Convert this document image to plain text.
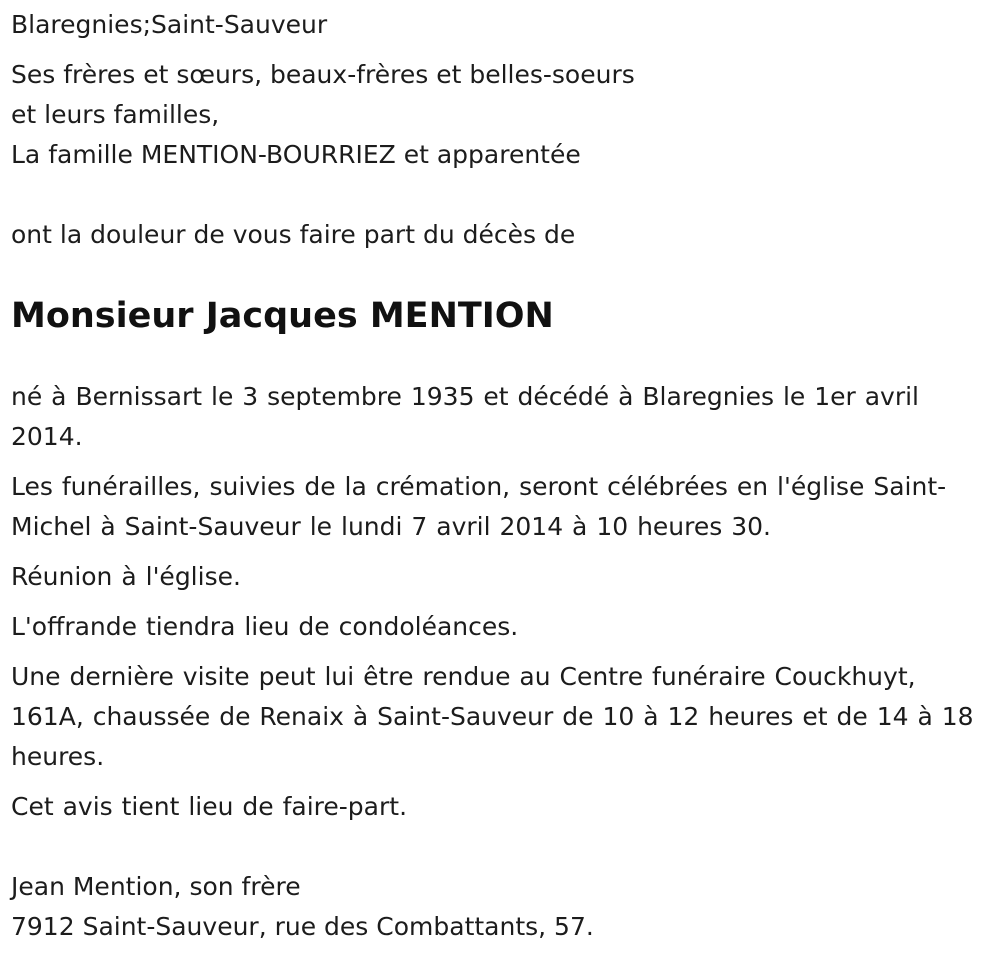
Blaregnies;Saint-Sauveur

Ses frères et sœurs, beaux-frères et belles-soeurs

et leurs familles,

La famille MENTION-BOURRIEZ et apparentée

ont la douleur de vous faire part du décès de

Monsieur Jacques MENTION

né à Bernissart le 3 septembre 1935 et décédé à Blaregnies le 1er avril 2014.

Les funérailles, suivies de la crémation, seront célébrées en l'église Saint-Michel à Saint-Sauveur le lundi 7 avril 2014 à 10 heures 30.

Réunion à l'église.

L'offrande tiendra lieu de condoléances.

Une dernière visite peut lui être rendue au Centre funéraire Couckhuyt, 161A, chaussée de Renaix à Saint-Sauveur de 10 à 12 heures et de 14 à 18 heures.

Cet avis tient lieu de faire-part.

Jean Mention, son frère

7912 Saint-Sauveur, rue des Combattants, 57.
